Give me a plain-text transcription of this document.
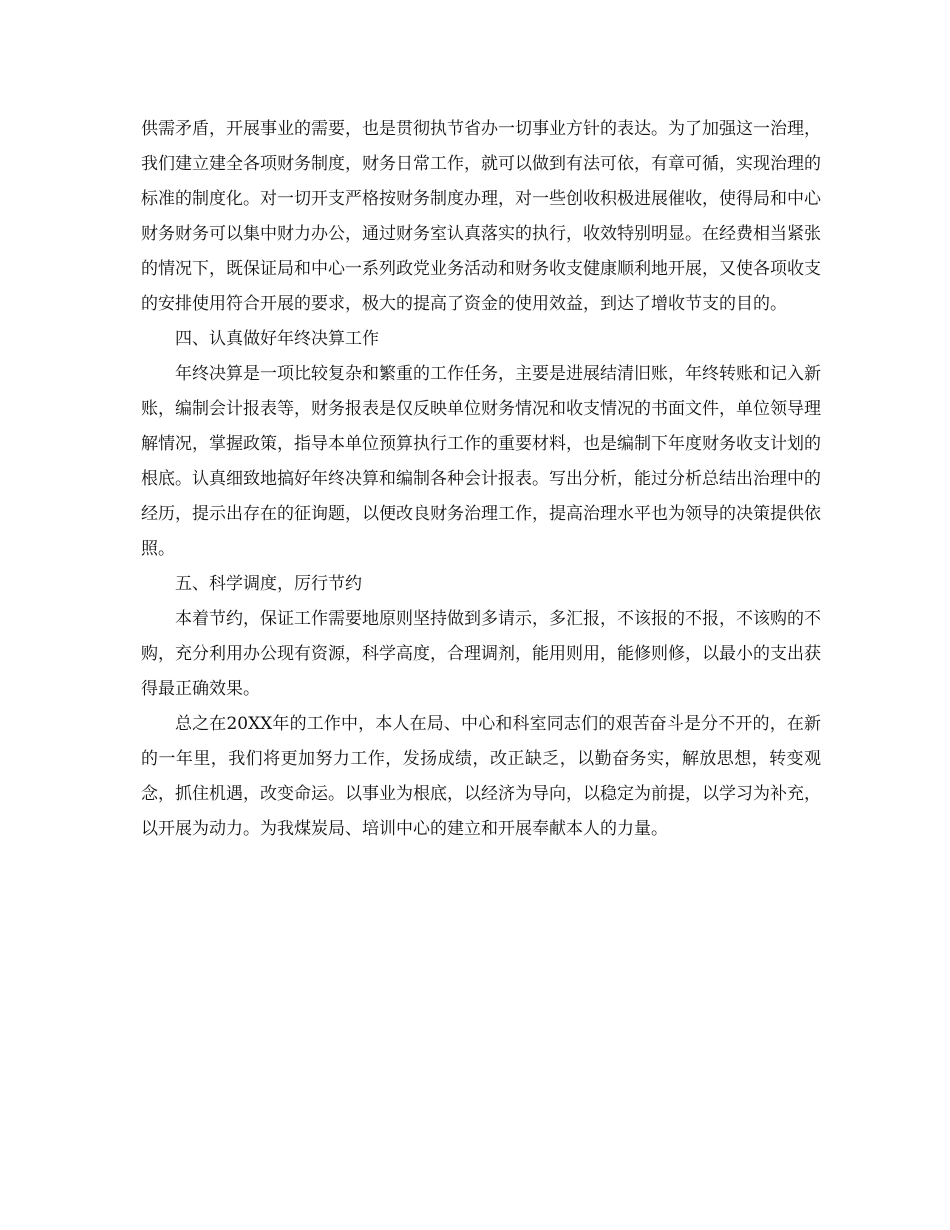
供需矛盾，开展事业的需要，也是贯彻执节省办一切事业方针的表达。为了加强这一治理，我们建立建全各项财务制度，财务日常工作，就可以做到有法可依，有章可循，实现治理的标准的制度化。对一切开支严格按财务制度办理，对一些创收积极进展催收，使得局和中心财务财务可以集中财力办公，通过财务室认真落实的执行，收效特别明显。在经费相当紧张的情况下，既保证局和中心一系列政党业务活动和财务收支健康顺利地开展，又使各项收支的安排使用符合开展的要求，极大的提高了资金的使用效益，到达了增收节支的目的。

四、认真做好年终决算工作

年终决算是一项比较复杂和繁重的工作任务，主要是进展结清旧账，年终转账和记入新账，编制会计报表等，财务报表是仅反映单位财务情况和收支情况的书面文件，单位领导理解情况，掌握政策，指导本单位预算执行工作的重要材料，也是编制下年度财务收支计划的根底。认真细致地搞好年终决算和编制各种会计报表。写出分析，能过分析总结出治理中的经历，提示出存在的征询题，以便改良财务治理工作，提高治理水平也为领导的决策提供依照。

五、科学调度，厉行节约

本着节约，保证工作需要地原则坚持做到多请示，多汇报，不该报的不报，不该购的不购，充分利用办公现有资源，科学高度，合理调剂，能用则用，能修则修，以最小的支出获得最正确效果。

总之在20XX年的工作中，本人在局、中心和科室同志们的艰苦奋斗是分不开的，在新的一年里，我们将更加努力工作，发扬成绩，改正缺乏，以勤奋务实，解放思想，转变观念，抓住机遇，改变命运。以事业为根底，以经济为导向，以稳定为前提，以学习为补充，以开展为动力。为我煤炭局、培训中心的建立和开展奉献本人的力量。
